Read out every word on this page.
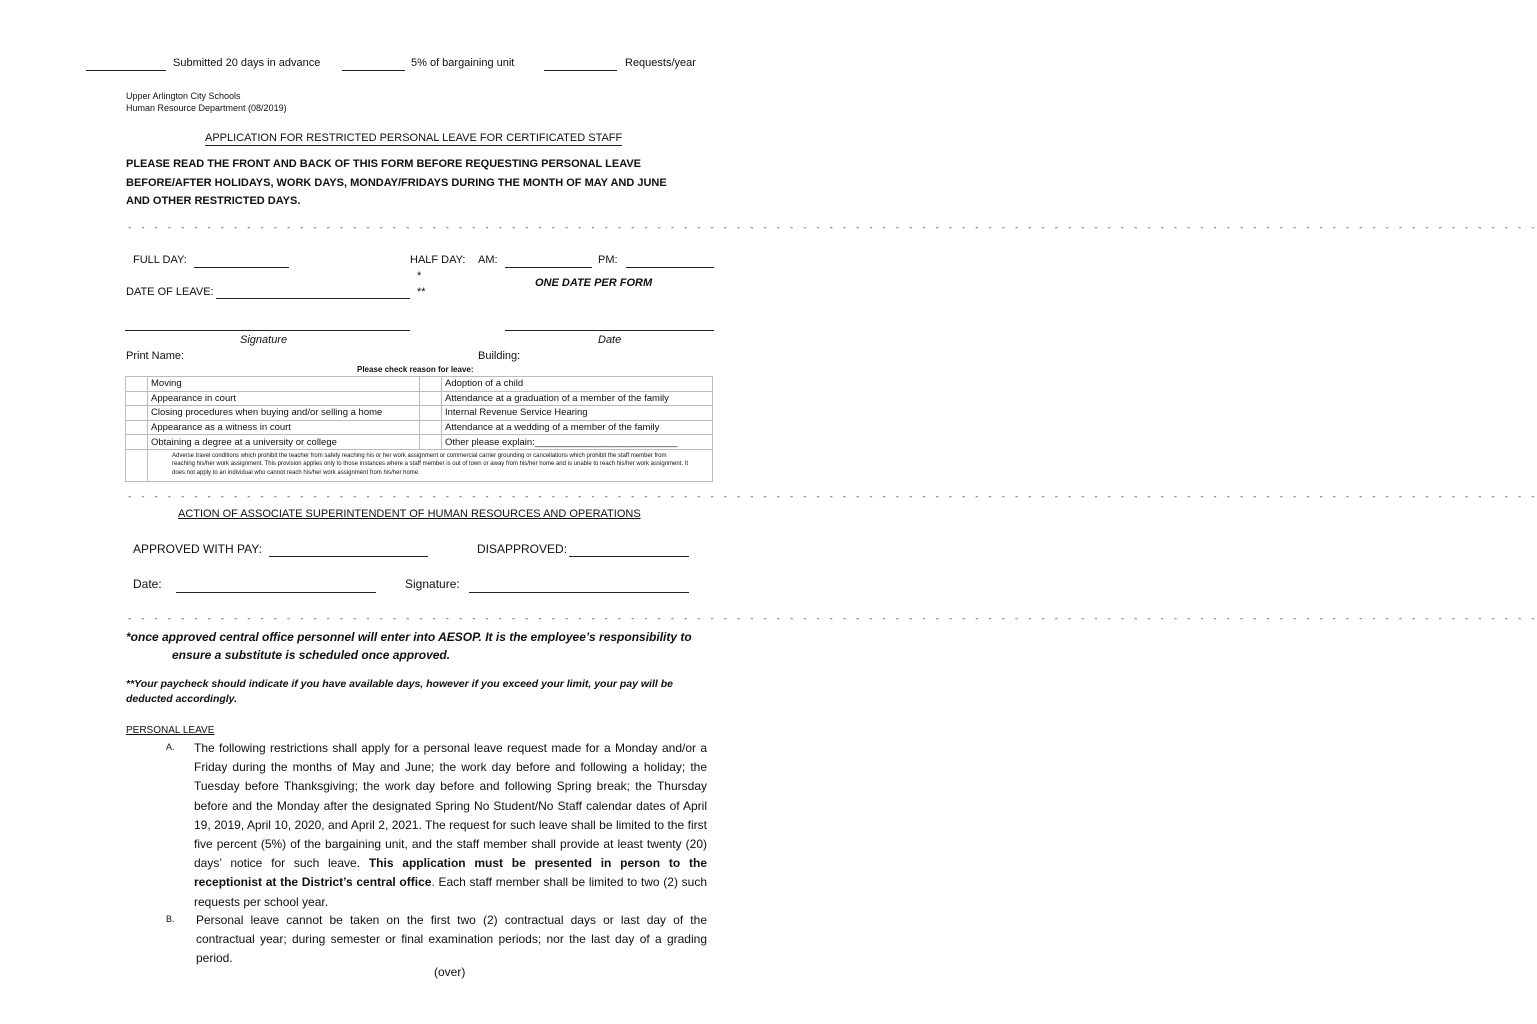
Submitted 20 days in advance	5% of bargaining unit	Requests/year
Upper Arlington City Schools
Human Resource Department (08/2019)
APPLICATION FOR RESTRICTED PERSONAL LEAVE FOR CERTIFICATED STAFF
PLEASE READ THE FRONT AND BACK OF THIS FORM BEFORE REQUESTING PERSONAL LEAVE
BEFORE/AFTER HOLIDAYS, WORK DAYS, MONDAY/FRIDAYS DURING THE MONTH OF MAY AND JUNE
AND OTHER RESTRICTED DAYS.
- - - - - - - - - - - - - - - - - - - - - - - - - - - - - - - - - - - - - - - - - - - - - - - - - - - - - - - - - - - - - - - - - - - - - - - - - - - - - - - - - - - - - - - - - - - - - - - - - - - - - - - - - - -
FULL DAY:	HALF DAY: AM:	PM:
*
ONE DATE PER FORM
**
DATE OF LEAVE:
Signature	Date
Print Name:	Building:
Please check reason for leave:
	Moving		Adoption of a child
	Appearance in court		Attendance at a graduation of a member of the family
	Closing procedures when buying and/or selling a home		Internal Revenue Service Hearing
	Appearance as a witness in court		Attendance at a wedding of a member of the family
	Obtaining a degree at a university or college		Other please explain:___________________________
	Adverse travel conditions which prohibit the teacher from safely reaching his or her work assignment or commercial carrier grounding or cancellations which prohibit the staff member from reaching his/her work assignment. This provision applies only to those instances where a staff member is out of town or away from his/her home and is unable to reach his/her work assignment. It does not apply to an individual who cannot reach his/her work assignment from his/her home.		
- - - - - - - - - - - - - - - - - - - - - - - - - - - - - - - - - - - - - - - - - - - - - - - - - - - - - - - - - - - - - - - - - - - - - - - - - - - - - - - - - - - - - - - - - - - - - - - - - - - - - - - - - - -
ACTION OF ASSOCIATE SUPERINTENDENT OF HUMAN RESOURCES AND OPERATIONS
APPROVED WITH PAY:	DISAPPROVED:
Date:	Signature:
- - - - - - - - - - - - - - - - - - - - - - - - - - - - - - - - - - - - - - - - - - - - - - - - - - - - - - - - - - - - - - - - - - - - - - - - - - - - - - - - - - - - - - - - - - - - - - - - - - - - - - - - - - -
*once approved central office personnel will enter into AESOP. It is the employee’s responsibility to
ensure a substitute is scheduled once approved.
**Your paycheck should indicate if you have available days, however if you exceed your limit, your pay will be
deducted accordingly.
PERSONAL LEAVE
A. The following restrictions shall apply for a personal leave request made for a Monday and/or a Friday during the months of May and June; the work day before and following a holiday; the Tuesday before Thanksgiving; the work day before and following Spring break; the Thursday before and the Monday after the designated Spring No Student/No Staff calendar dates of April 19, 2019, April 10, 2020, and April 2, 2021. The request for such leave shall be limited to the first five percent (5%) of the bargaining unit, and the staff member shall provide at least twenty (20) days’ notice for such leave. This application must be presented in person to the receptionist at the District’s central office. Each staff member shall be limited to two (2) such requests per school year.
B. Personal leave cannot be taken on the first two (2) contractual days or last day of the contractual year; during semester or final examination periods; nor the last day of a grading period.
(over)
